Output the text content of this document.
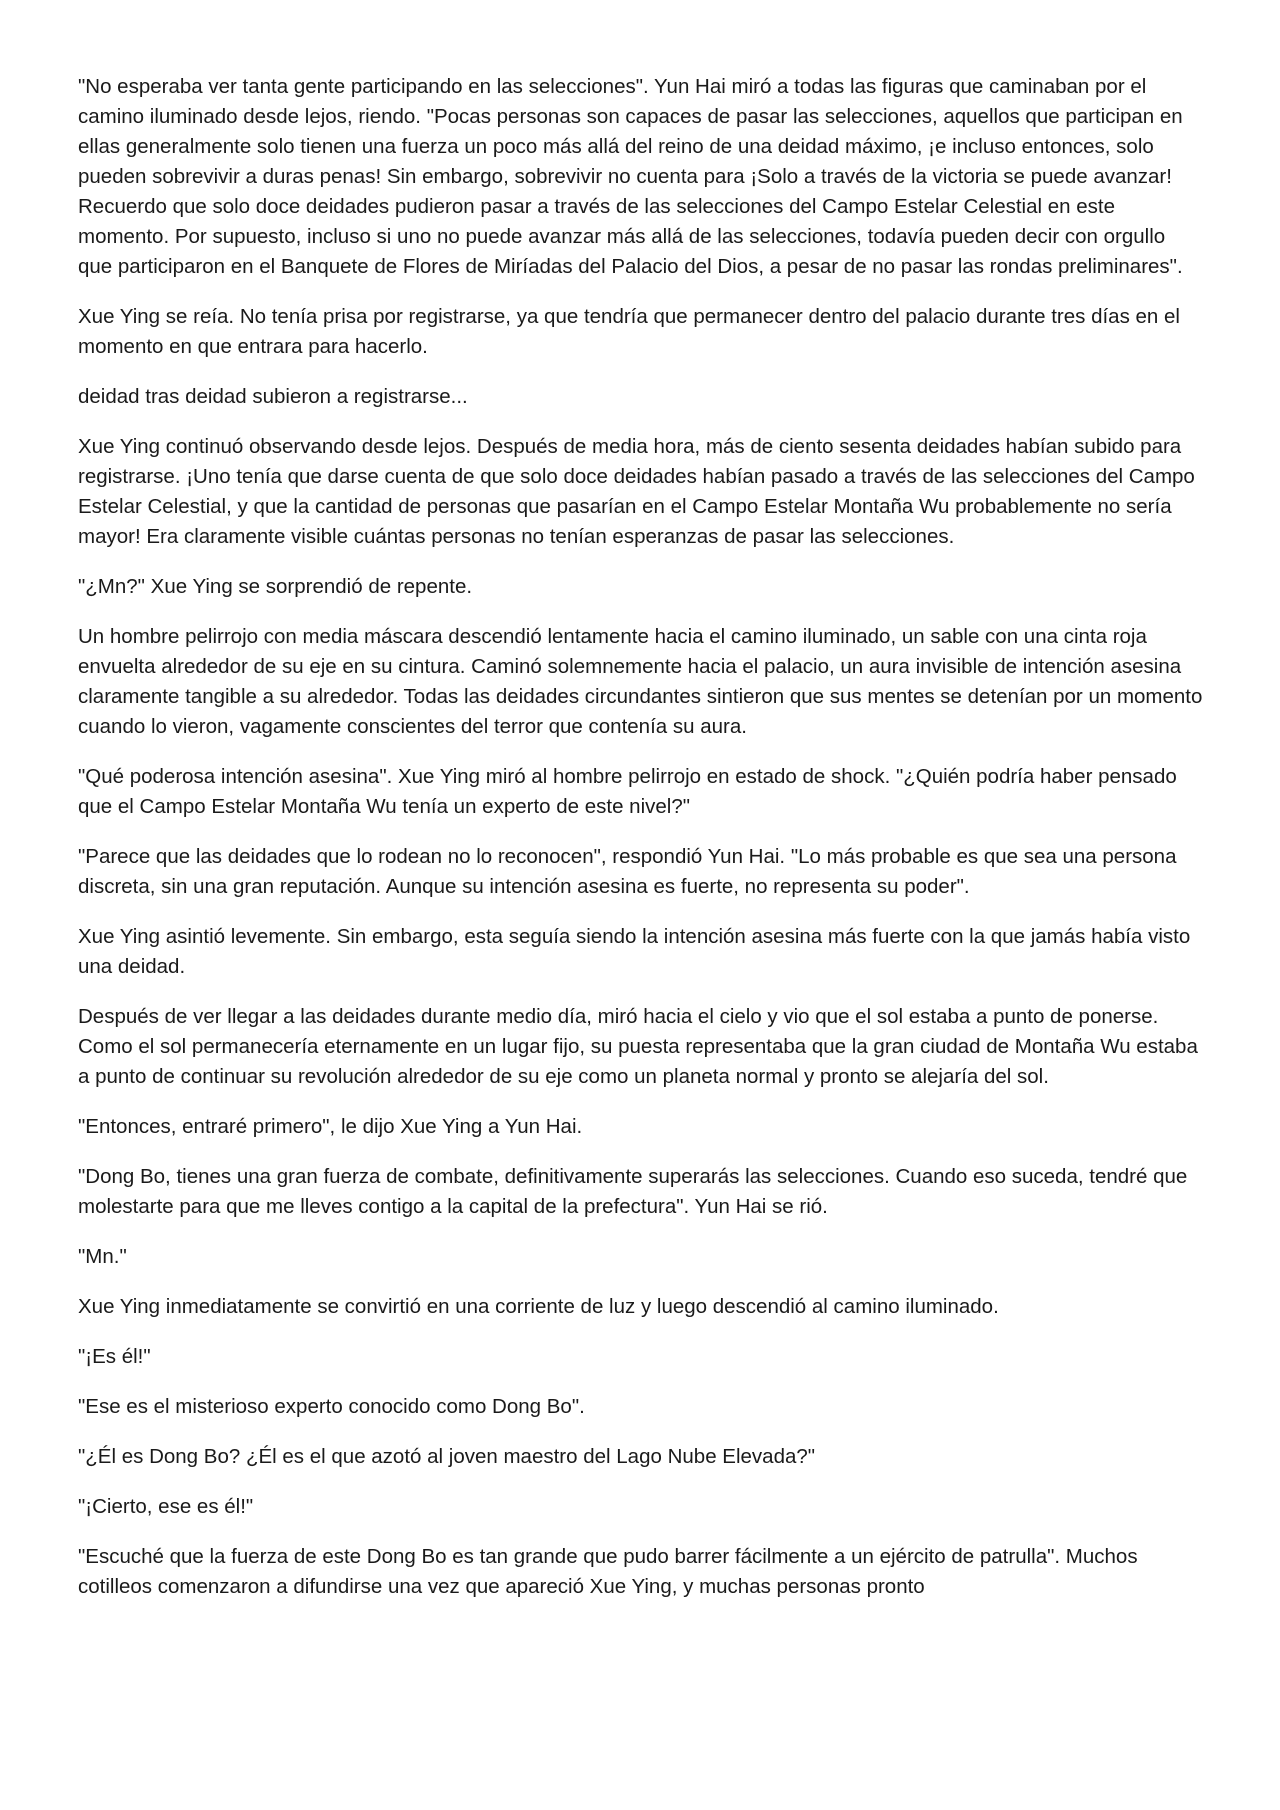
"No esperaba ver tanta gente participando en las selecciones". Yun Hai miró a todas las figuras que caminaban por el camino iluminado desde lejos, riendo. "Pocas personas son capaces de pasar las selecciones, aquellos que participan en ellas generalmente solo tienen una fuerza un poco más allá del reino de una deidad máximo, ¡e incluso entonces, solo pueden sobrevivir a duras penas! Sin embargo, sobrevivir no cuenta para ¡Solo a través de la victoria se puede avanzar! Recuerdo que solo doce deidades pudieron pasar a través de las selecciones del Campo Estelar Celestial en este momento. Por supuesto, incluso si uno no puede avanzar más allá de las selecciones, todavía pueden decir con orgullo que participaron en el Banquete de Flores de Miríadas del Palacio del Dios, a pesar de no pasar las rondas preliminares".

Xue Ying se reía. No tenía prisa por registrarse, ya que tendría que permanecer dentro del palacio durante tres días en el momento en que entrara para hacerlo.

deidad tras deidad subieron a registrarse...

Xue Ying continuó observando desde lejos. Después de media hora, más de ciento sesenta deidades habían subido para registrarse. ¡Uno tenía que darse cuenta de que solo doce deidades habían pasado a través de las selecciones del Campo Estelar Celestial, y que la cantidad de personas que pasarían en el Campo Estelar Montaña Wu probablemente no sería mayor! Era claramente visible cuántas personas no tenían esperanzas de pasar las selecciones.

"¿Mn?" Xue Ying se sorprendió de repente.

Un hombre pelirrojo con media máscara descendió lentamente hacia el camino iluminado, un sable con una cinta roja envuelta alrededor de su eje en su cintura. Caminó solemnemente hacia el palacio, un aura invisible de intención asesina claramente tangible a su alrededor. Todas las deidades circundantes sintieron que sus mentes se detenían por un momento cuando lo vieron, vagamente conscientes del terror que contenía su aura.

"Qué poderosa intención asesina". Xue Ying miró al hombre pelirrojo en estado de shock. "¿Quién podría haber pensado que el Campo Estelar Montaña Wu tenía un experto de este nivel?"

"Parece que las deidades que lo rodean no lo reconocen", respondió Yun Hai. "Lo más probable es que sea una persona discreta, sin una gran reputación. Aunque su intención asesina es fuerte, no representa su poder".

Xue Ying asintió levemente. Sin embargo, esta seguía siendo la intención asesina más fuerte con la que jamás había visto una deidad.

Después de ver llegar a las deidades durante medio día, miró hacia el cielo y vio que el sol estaba a punto de ponerse. Como el sol permanecería eternamente en un lugar fijo, su puesta representaba que la gran ciudad de Montaña Wu estaba a punto de continuar su revolución alrededor de su eje como un planeta normal y pronto se alejaría del sol.

"Entonces, entraré primero", le dijo Xue Ying a Yun Hai.

"Dong Bo, tienes una gran fuerza de combate, definitivamente superarás las selecciones. Cuando eso suceda, tendré que molestarte para que me lleves contigo a la capital de la prefectura". Yun Hai se rió.

"Mn."

Xue Ying inmediatamente se convirtió en una corriente de luz y luego descendió al camino iluminado.

"¡Es él!"

"Ese es el misterioso experto conocido como Dong Bo".

"¿Él es Dong Bo? ¿Él es el que azotó al joven maestro del Lago Nube Elevada?"

"¡Cierto, ese es él!"

"Escuché que la fuerza de este Dong Bo es tan grande que pudo barrer fácilmente a un ejército de patrulla". Muchos cotilleos comenzaron a difundirse una vez que apareció Xue Ying, y muchas personas pronto
